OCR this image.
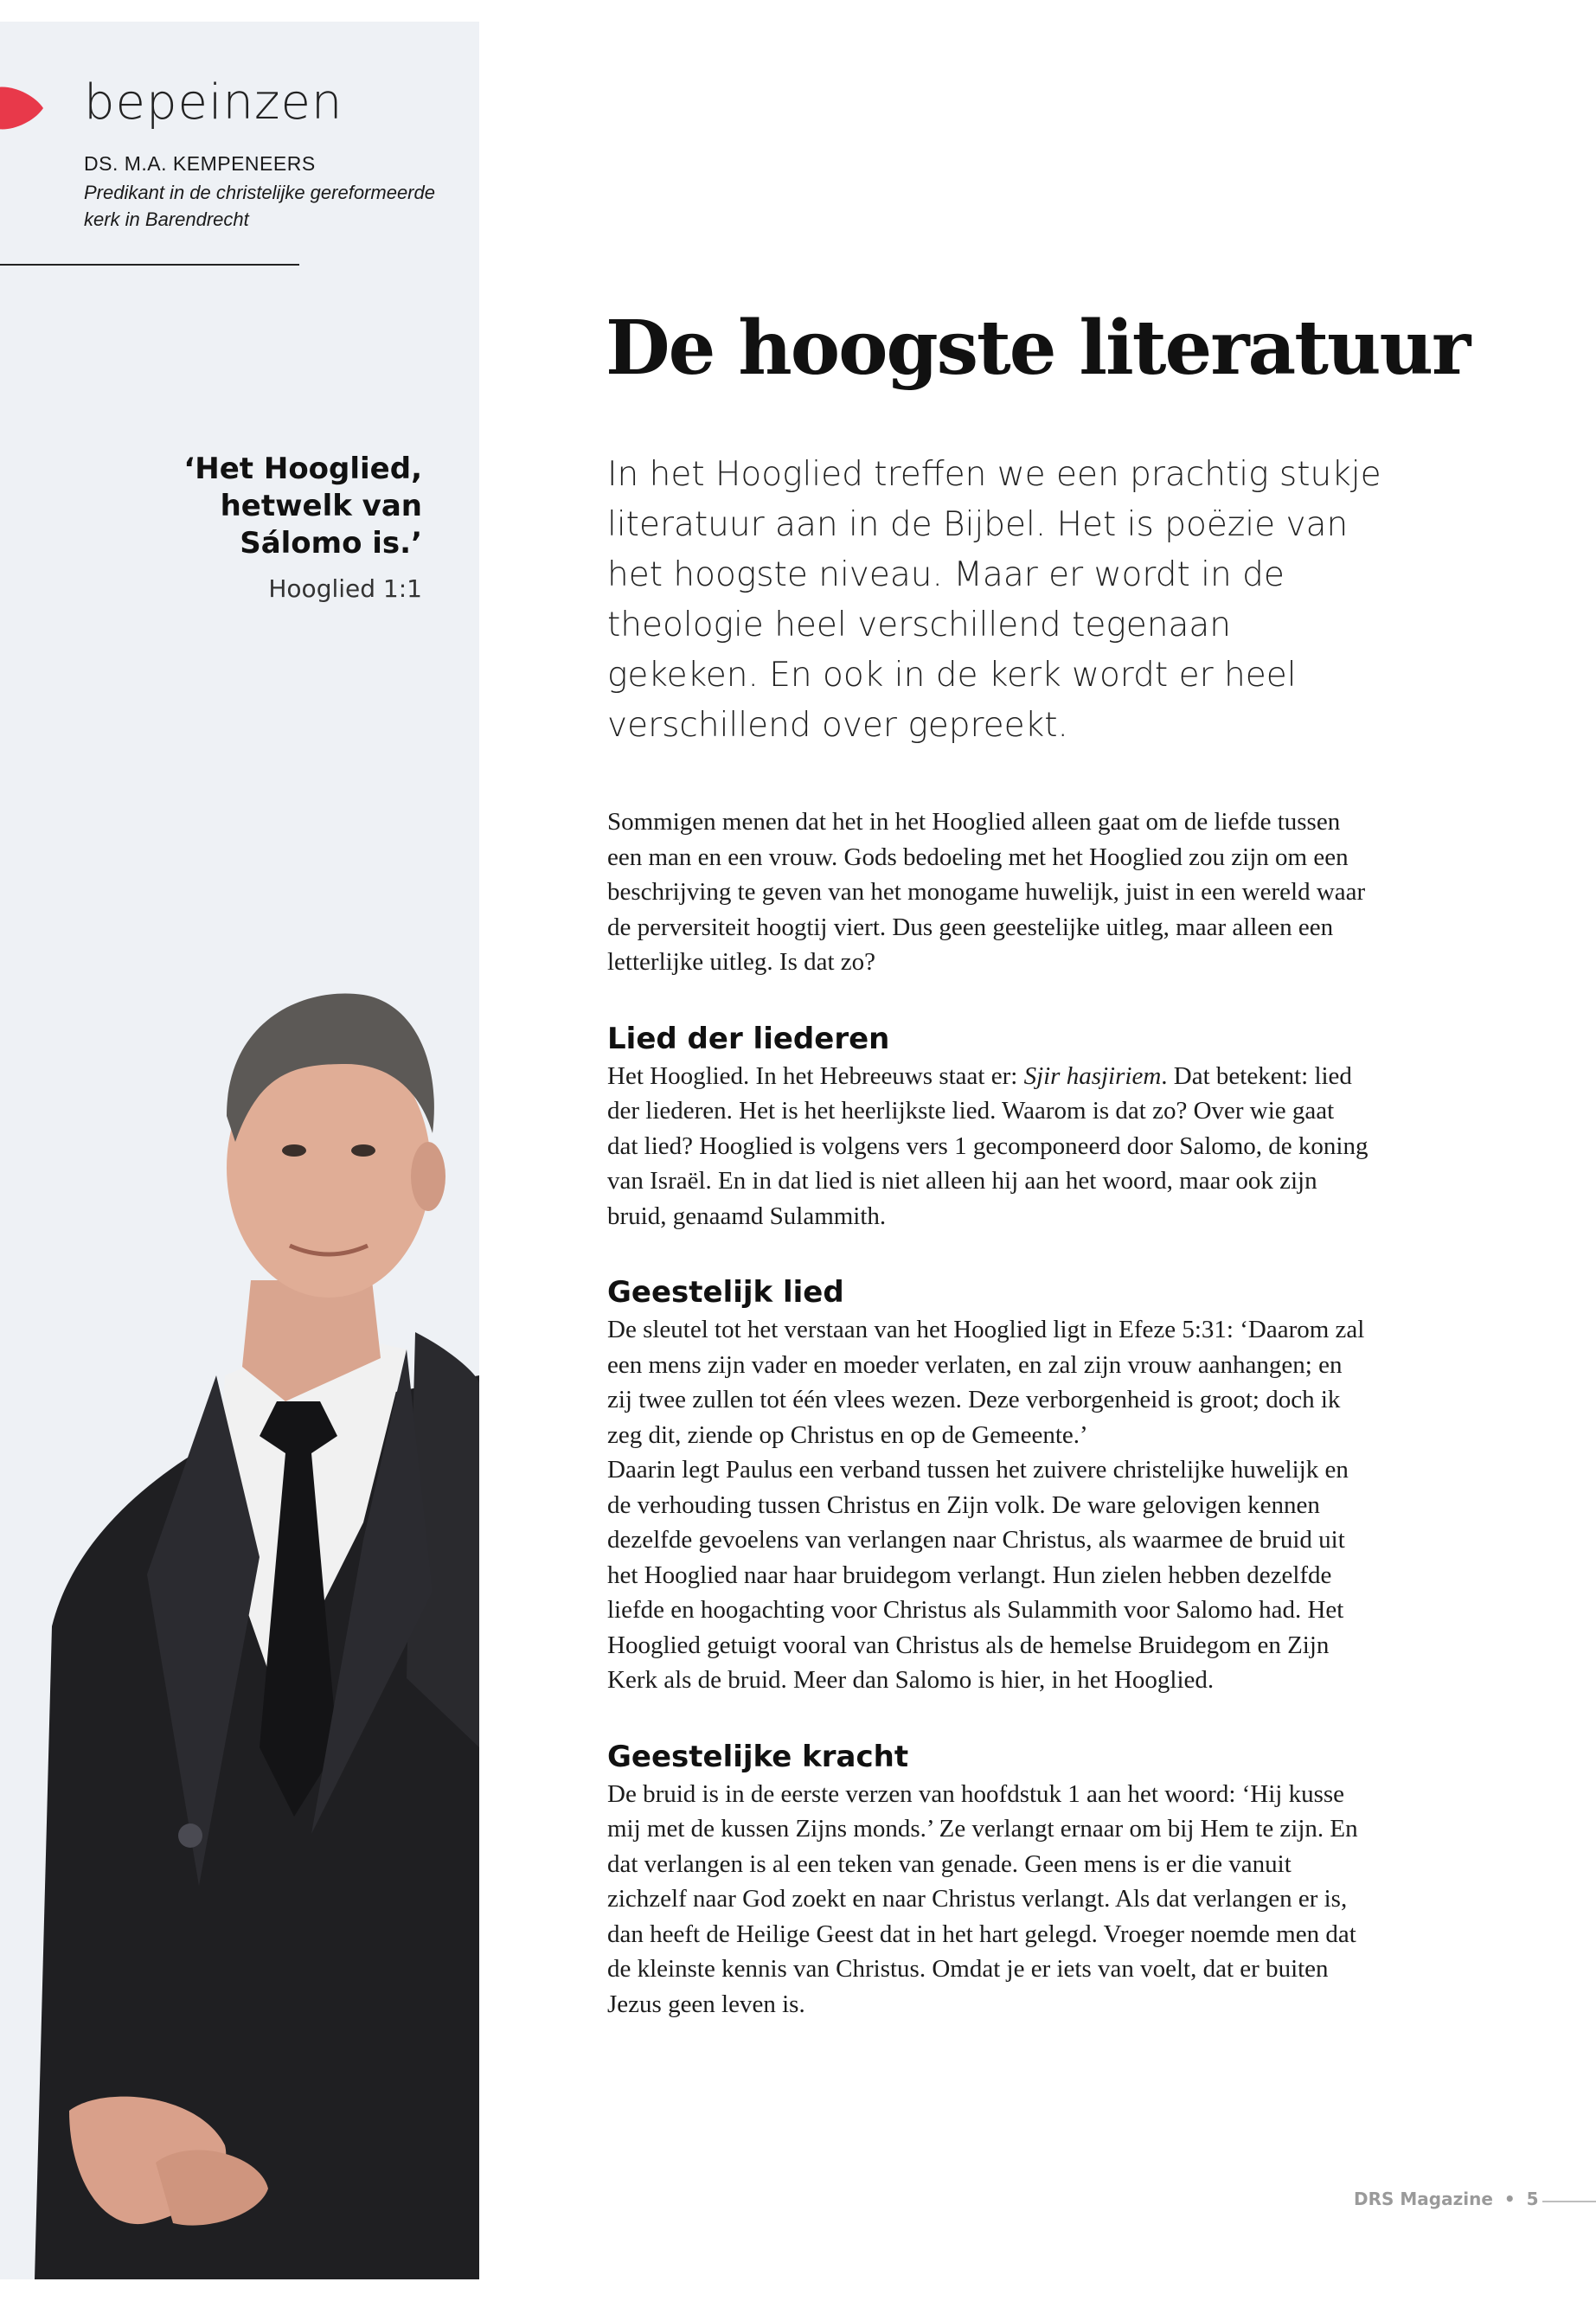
bepeinzen
DS. M.A. KEMPENEERS
Predikant in de christelijke gereformeerde kerk in Barendrecht
‘Het Hooglied, hetwelk van Sálomo is.’
Hooglied 1:1
De hoogste literatuur

In het Hooglied treffen we een prachtig stukje literatuur aan in de Bijbel. Het is poëzie van het hoogste niveau. Maar er wordt in de theologie heel verschillend tegenaan gekeken. En ook in de kerk wordt er heel verschillend over gepreekt.

Sommigen menen dat het in het Hooglied alleen gaat om de liefde tussen een man en een vrouw. Gods bedoeling met het Hooglied zou zijn om een beschrijving te geven van het monogame huwelijk, juist in een wereld waar de perversiteit hoogtij viert. Dus geen geestelijke uitleg, maar alleen een letterlijke uitleg. Is dat zo?

Lied der liederen

Het Hooglied. In het Hebreeuws staat er: Sjir hasjiriem. Dat betekent: lied der liederen. Het is het heerlijkste lied. Waarom is dat zo? Over wie gaat dat lied? Hooglied is volgens vers 1 gecomponeerd door Salomo, de koning van Israël. En in dat lied is niet alleen hij aan het woord, maar ook zijn bruid, genaamd Sulammith.

Geestelijk lied

De sleutel tot het verstaan van het Hooglied ligt in Efeze 5:31: ‘Daarom zal een mens zijn vader en moeder verlaten, en zal zijn vrouw aanhangen; en zij twee zullen tot één vlees wezen. Deze verborgenheid is groot; doch ik zeg dit, ziende op Christus en op de Gemeente.’

Daarin legt Paulus een verband tussen het zuivere christelijke huwelijk en de verhouding tussen Christus en Zijn volk. De ware gelovigen kennen dezelfde gevoelens van verlangen naar Christus, als waarmee de bruid uit het Hooglied naar haar bruidegom verlangt. Hun zielen hebben dezelfde liefde en hoogachting voor Christus als Sulammith voor Salomo had. Het Hooglied getuigt vooral van Christus als de hemelse Bruidegom en Zijn Kerk als de bruid. Meer dan Salomo is hier, in het Hooglied.

Geestelijke kracht

De bruid is in de eerste verzen van hoofdstuk 1 aan het woord: ‘Hij kusse mij met de kussen Zijns monds.’ Ze verlangt ernaar om bij Hem te zijn. En dat verlangen is al een teken van genade. Geen mens is er die vanuit zichzelf naar God zoekt en naar Christus verlangt. Als dat verlangen er is, dan heeft de Heilige Geest dat in het hart gelegd. Vroeger noemde men dat de kleinste kennis van Christus. Omdat je er iets van voelt, dat er buiten Jezus geen leven is.

DRS Magazine • 5
